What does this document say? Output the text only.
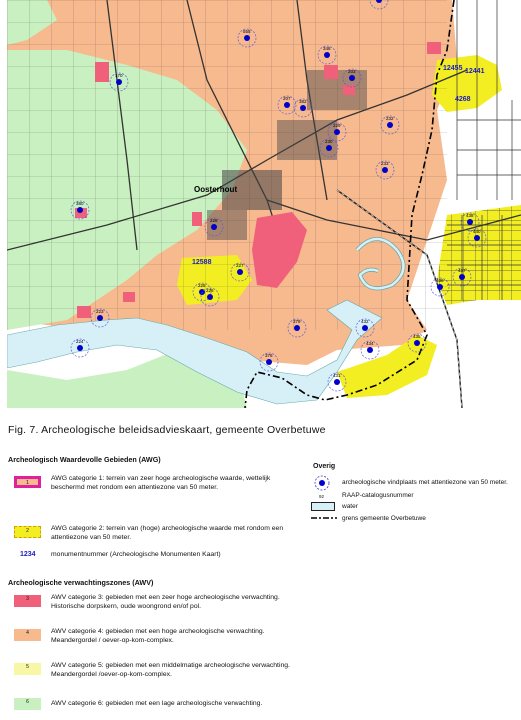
170
555
348
203
207
382
229
232
230
233
380
228
227
12588
225
226
223
224
379
376
431
432
434
435
436
437
438
440
12455 12441
4268
Oosterhout
Fig. 7. Archeologische beleidsadvieskaart, gemeente Overbetuwe
Archeologisch Waardevolle Gebieden (AWG)
1
AWG categorie 1: terrein van zeer hoge archeologische waarde, wettelijk beschermd met rondom een attentiezone van 50 meter.
2	AWG categorie 2: terrein van (hoge) archeologische waarde met rondom een attentiezone van 50 meter.
1234 monumentnummer (Archeologische Monumenten Kaart)
Archeologische verwachtingszones (AWV)
3	AWV categorie 3: gebieden met een zeer hoge archeologische verwachting. Historische dorpskern, oude woongrond en/of pol.
4	AWV categorie 4: gebieden met een hoge archeologische verwachting. Meandergordel / oever-op-kom-complex.
5	AWV categorie 5: gebieden met een middelmatige archeologische verwachting. Meandergordel /oever-op-kom-complex.
6	AWV categorie 6: gebieden met een lage archeologische verwachting.
Overig
archeologische vindplaats met attentiezone van 50 meter.
92	RAAP-catalogusnummer
water
grens gemeente Overbetuwe
